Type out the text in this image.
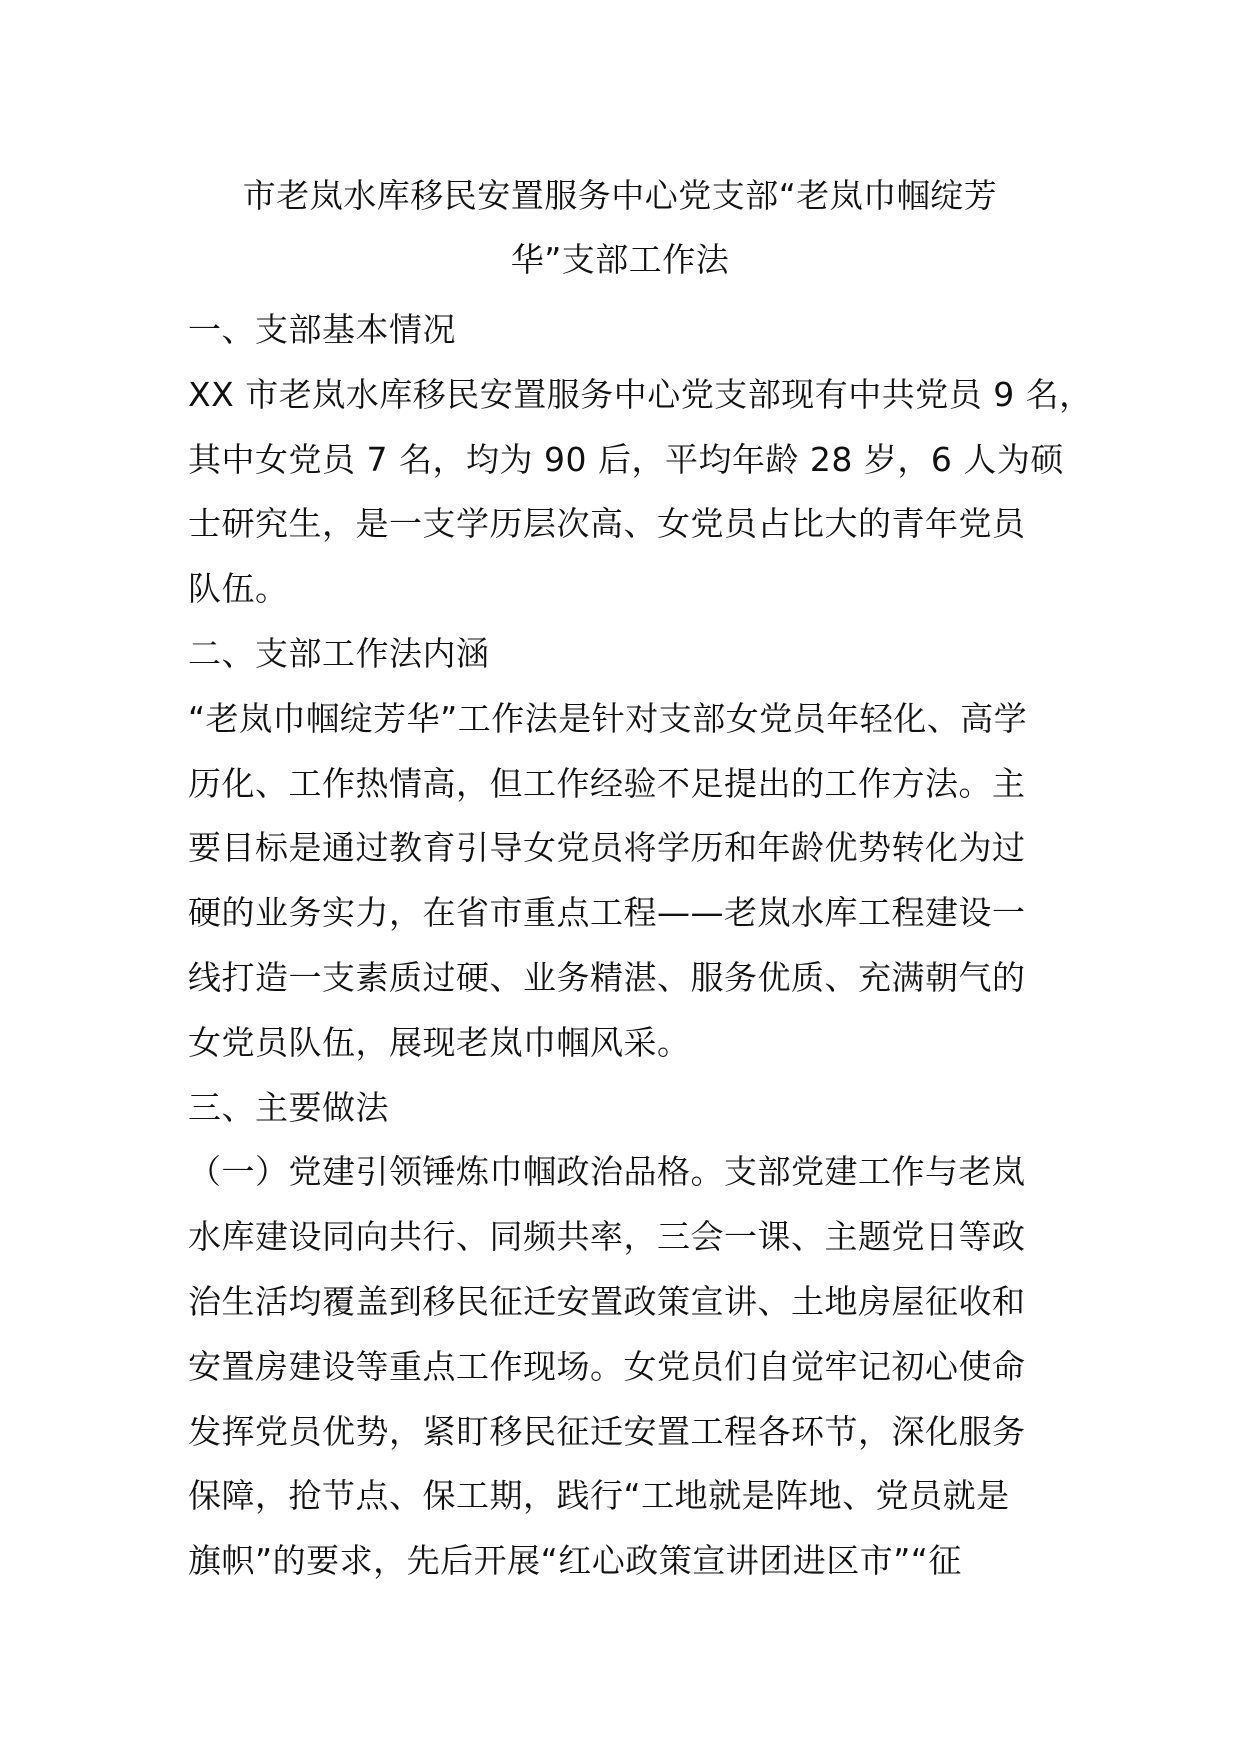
市老岚水库移民安置服务中心党支部“老岚巾帼绽芳
华”支部工作法
一、支部基本情况
XX 市老岚水库移民安置服务中心党支部现有中共党员 9 名，
其中女党员 7 名，均为 90 后，平均年龄 28 岁，6 人为硕
士研究生，是一支学历层次高、女党员占比大的青年党员
队伍。
二、支部工作法内涵
“老岚巾帼绽芳华”工作法是针对支部女党员年轻化、高学
历化、工作热情高，但工作经验不足提出的工作方法。主
要目标是通过教育引导女党员将学历和年龄优势转化为过
硬的业务实力，在省市重点工程——老岚水库工程建设一
线打造一支素质过硬、业务精湛、服务优质、充满朝气的
女党员队伍，展现老岚巾帼风采。
三、主要做法
（一）党建引领锤炼巾帼政治品格。支部党建工作与老岚
水库建设同向共行、同频共率，三会一课、主题党日等政
治生活均覆盖到移民征迁安置政策宣讲、土地房屋征收和
安置房建设等重点工作现场。女党员们自觉牢记初心使命
发挥党员优势，紧盯移民征迁安置工程各环节，深化服务
保障，抢节点、保工期，践行“工地就是阵地、党员就是
旗帜”的要求，先后开展“红心政策宣讲团进区市”“征
